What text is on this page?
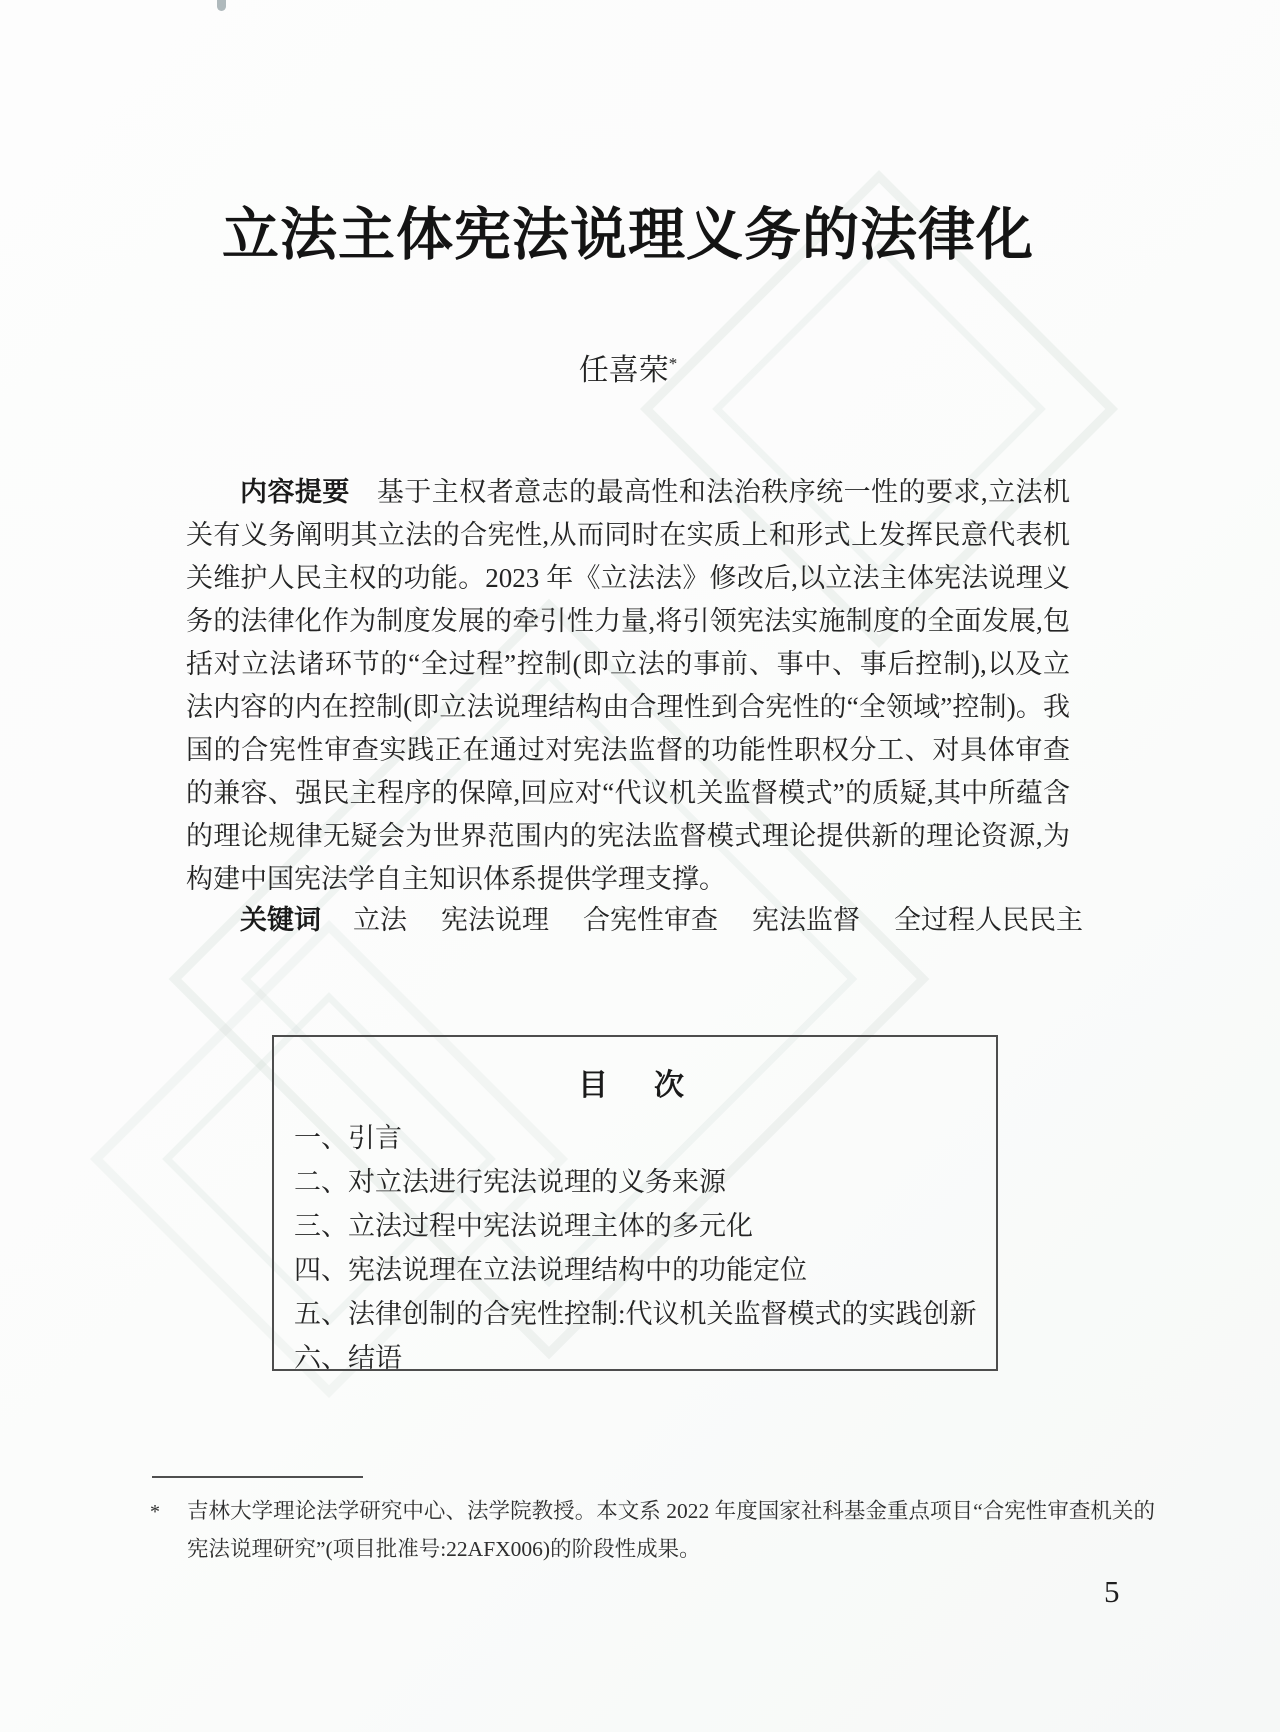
立法主体宪法说理义务的法律化
任喜荣*

内容提要 基于主权者意志的最高性和法治秩序统一性的要求,立法机关有义务阐明其立法的合宪性,从而同时在实质上和形式上发挥民意代表机关维护人民主权的功能。2023 年《立法法》修改后,以立法主体宪法说理义务的法律化作为制度发展的牵引性力量,将引领宪法实施制度的全面发展,包括对立法诸环节的“全过程”控制(即立法的事前、事中、事后控制),以及立法内容的内在控制(即立法说理结构由合理性到合宪性的“全领域”控制)。我国的合宪性审查实践正在通过对宪法监督的功能性职权分工、对具体审查的兼容、强民主程序的保障,回应对“代议机关监督模式”的质疑,其中所蕴含的理论规律无疑会为世界范围内的宪法监督模式理论提供新的理论资源,为构建中国宪法学自主知识体系提供学理支撑。

关键词 立法 宪法说理 合宪性审查 宪法监督 全过程人民民主
目　次
一、引言
二、对立法进行宪法说理的义务来源
三、立法过程中宪法说理主体的多元化
四、宪法说理在立法说理结构中的功能定位
五、法律创制的合宪性控制:代议机关监督模式的实践创新
六、结语
*	吉林大学理论法学研究中心、法学院教授。本文系 2022 年度国家社科基金重点项目“合宪性审查机关的宪法说理研究”(项目批准号:22AFX006)的阶段性成果。
5
